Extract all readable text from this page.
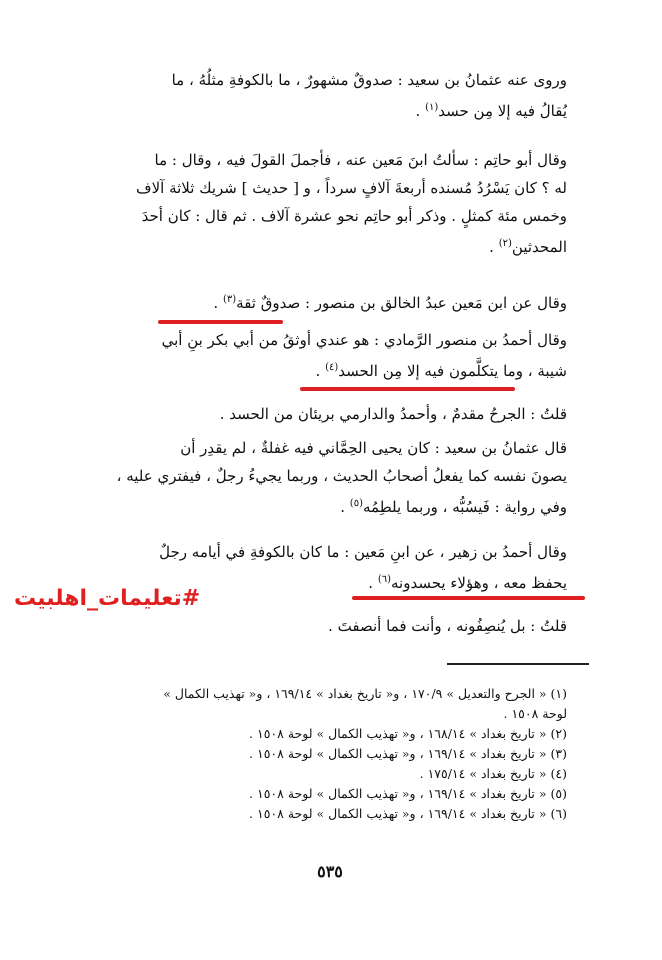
وروى عنه عثمانُ بن سعيد : صدوقٌ مشهورٌ ، ما بالكوفةِ مثلُهُ ، ما
يُقالُ فيه إلا مِن حسد$^{(١)}$ .
وقال أبو حاتِم : سألتُ ابنَ مَعين عنه ، فأجملَ القولَ فيه ، وقال : ما
له ؟ كان يَسْرُدُ مُسنده أربعةَ آلافٍ سرداً ، و [ حديث ] شريك ثلاثة آلاف
وخمس مئة كمثلٍ . وذكر أبو حاتِم نحو عشرة آلاف . ثم قال : كان أحدَ
المحدثين$^{(٢)}$ .
وقال عن ابن مَعين عبدُ الخالق بن منصور : صدوقٌ ثقة$^{(٣)}$ .
وقال أحمدُ بن منصور الرَّمادي : هو عندي أوثقُ من أبي بكر بنِ أبي
شيبة ، وما يتكلَّمون فيه إلا مِن الحسد$^{(٤)}$ .
قلتُ : الجرحُ مقدمٌ ، وأحمدُ والدارمي بريئان من الحسد .
قال عثمانُ بن سعيد : كان يحيى الحِمَّاني فيه غفلةٌ ، لم يقدِر أن
يصونَ نفسه كما يفعلُ أصحابُ الحديث ، وربما يجيءُ رجلٌ ، فيفتري عليه ،
وفي رواية : فَيسُبُّه ، وربما يلطِمُه$^{(٥)}$ .
وقال أحمدُ بن زهير ، عن ابنِ مَعين : ما كان بالكوفةِ في أيامه رجلٌ
يحفظ معه ، وهؤلاء يحسدونه$^{(٦)}$ .
قلتُ : بل يُنصِفُونه ، وأنت فما أنصفتَ .
#تعليمات_اهلبيت
(١) « الجرح والتعديل » ١٧٠/٩ ، و« تاريخ بغداد » ١٦٩/١٤ ، و« تهذيب الكمال »
لوحة ١٥٠٨ .
(٢) « تاريخ بغداد » ١٦٨/١٤ ، و« تهذيب الكمال » لوحة ١٥٠٨ .
(٣) « تاريخ بغداد » ١٦٩/١٤ ، و« تهذيب الكمال » لوحة ١٥٠٨ .
(٤) « تاريخ بغداد » ١٧٥/١٤ .
(٥) « تاريخ بغداد » ١٦٩/١٤ ، و« تهذيب الكمال » لوحة ١٥٠٨ .
(٦) « تاريخ بغداد » ١٦٩/١٤ ، و« تهذيب الكمال » لوحة ١٥٠٨ .
٥٣٥
